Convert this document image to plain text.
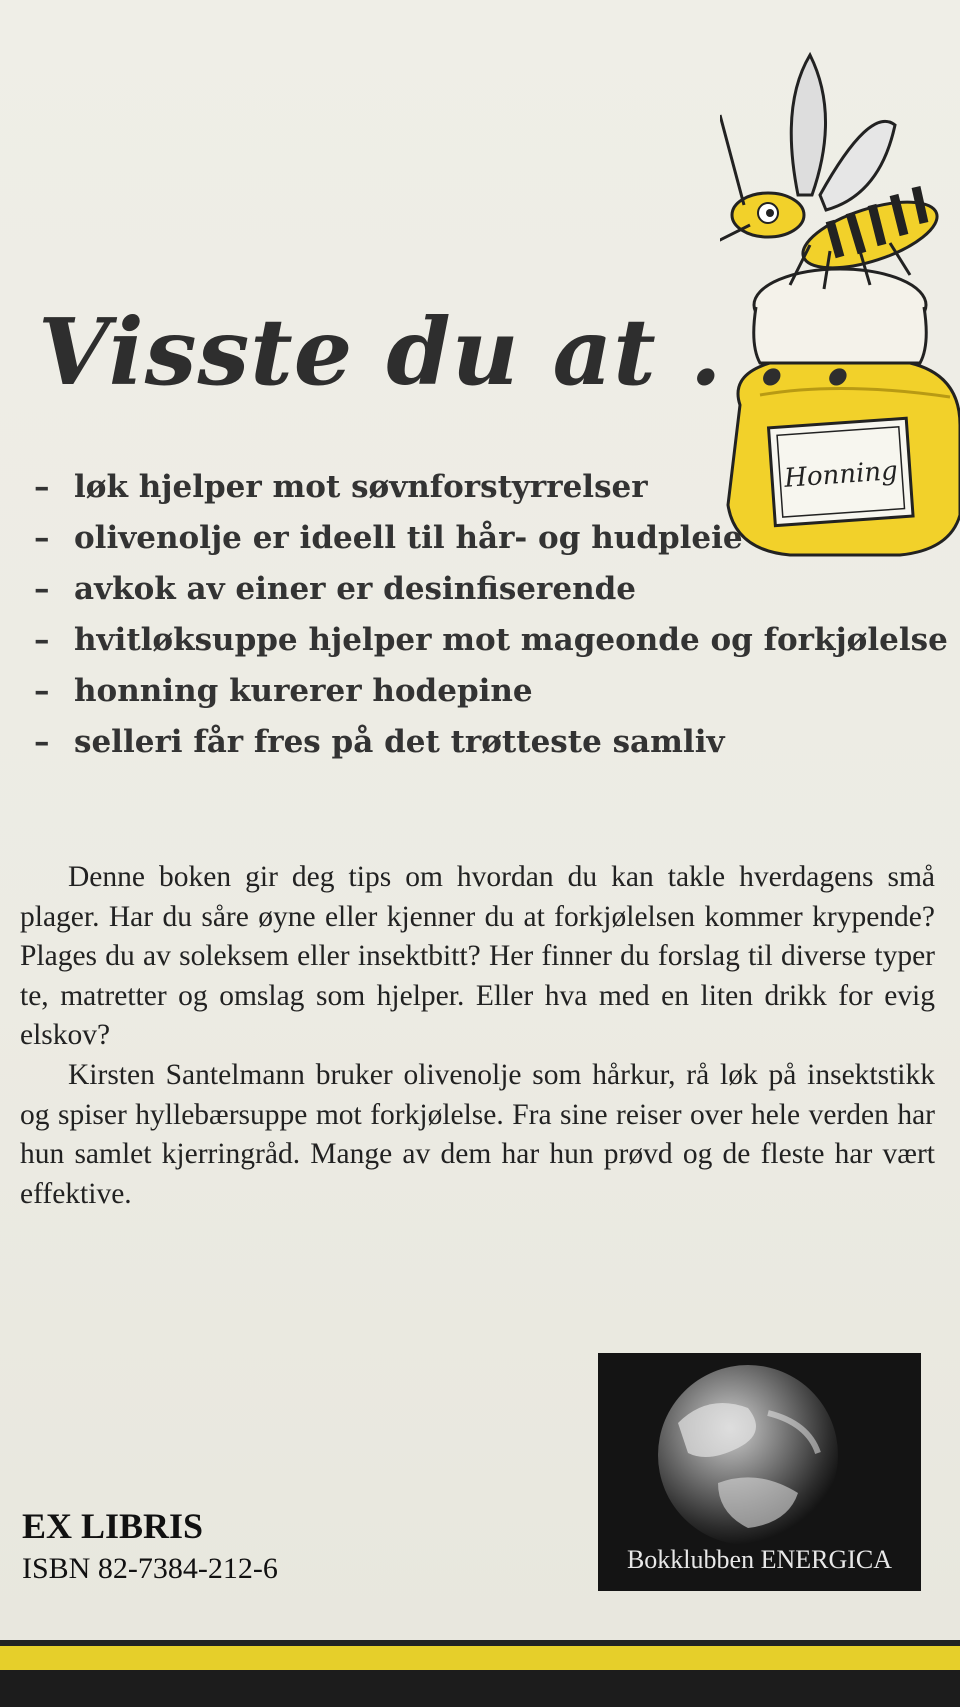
Honning
Visste du at . . .
– løk hjelper mot søvnforstyrrelser
– olivenolje er ideell til hår- og hudpleie
– avkok av einer er desinfiserende
– hvitløksuppe hjelper mot mageonde og forkjølelse
– honning kurerer hodepine
– selleri får fres på det trøtteste samliv

Denne boken gir deg tips om hvordan du kan takle hverdagens små plager. Har du såre øyne eller kjenner du at forkjølelsen kommer krypende? Plages du av soleksem eller insektbitt? Her finner du forslag til diverse typer te, matretter og omslag som hjelper. Eller hva med en liten drikk for evig elskov?

Kirsten Santelmann bruker olivenolje som hårkur, rå løk på insektstikk og spiser hyllebærsuppe mot forkjølelse. Fra sine reiser over hele verden har hun samlet kjerringråd. Mange av dem har hun prøvd og de fleste har vært effektive.

Bokklubben ENERGICA
EX LIBRIS
ISBN 82-7384-212-6
